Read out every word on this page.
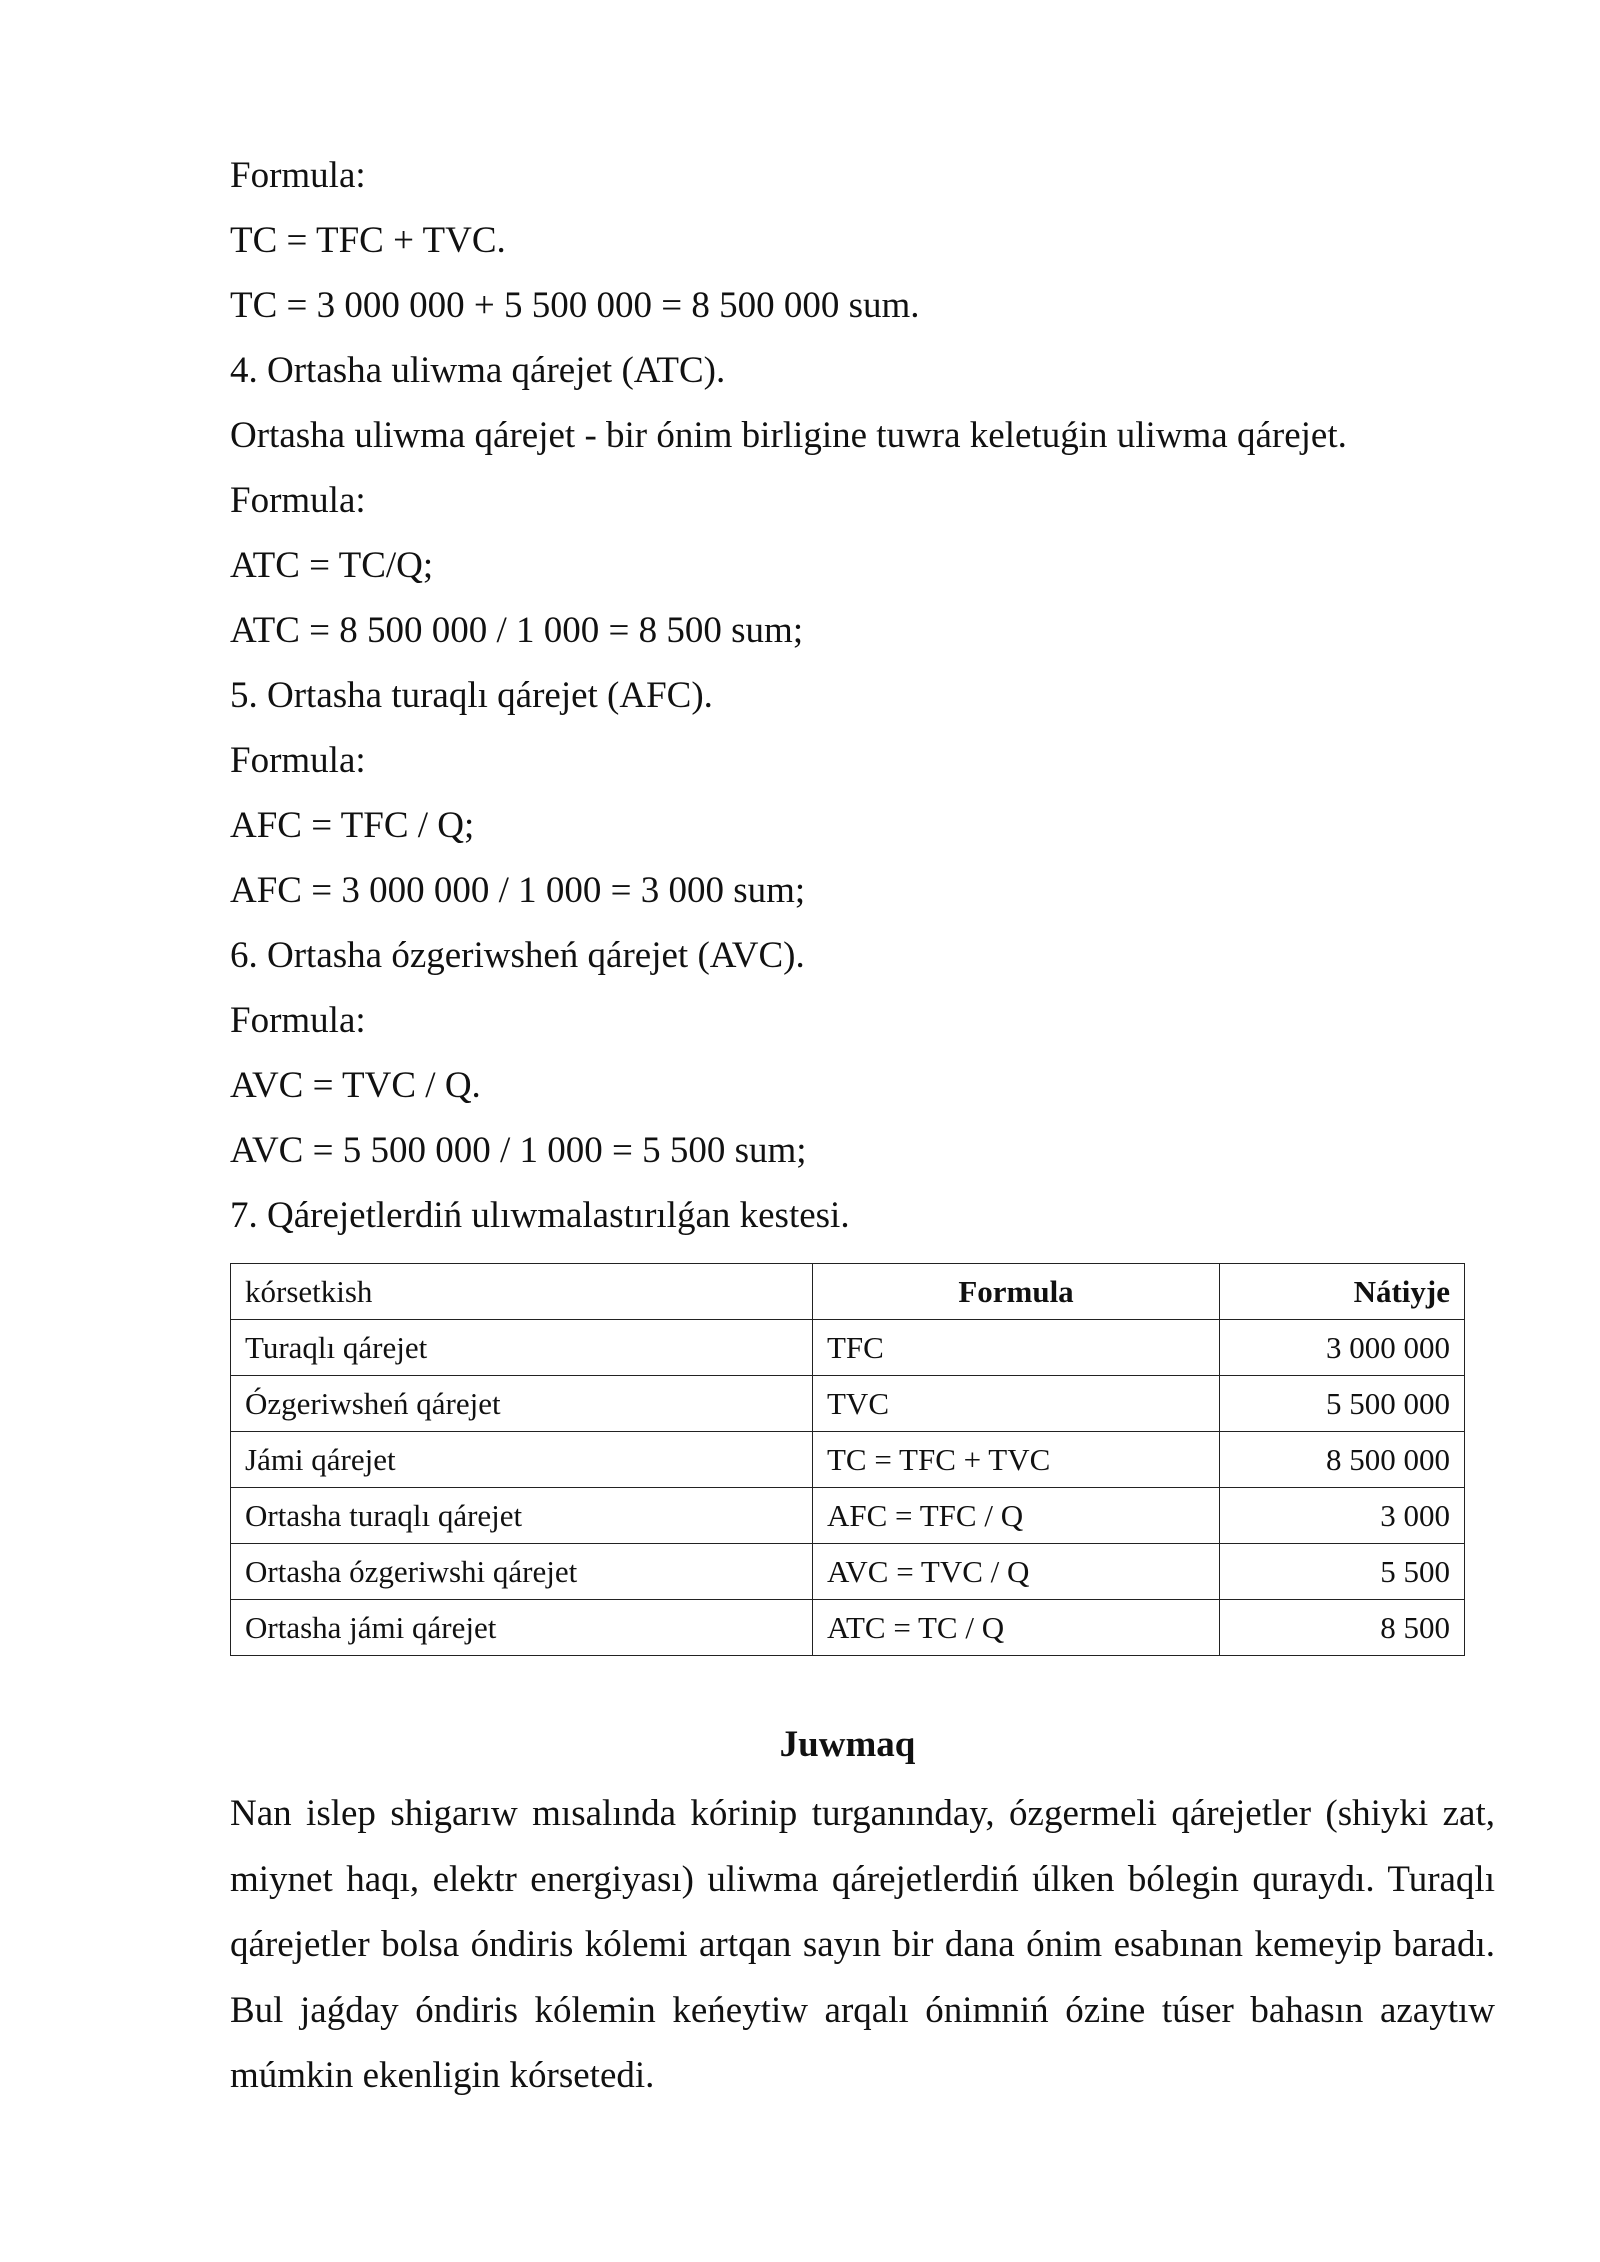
Formula:
TC = TFC + TVC.
TC = 3 000 000 + 5 500 000 = 8 500 000 sum.
4. Ortasha uliwma qárejet (ATC).
Ortasha uliwma qárejet - bir ónim birligine tuwra keletuǵin uliwma qárejet.
Formula:
ATC = TC/Q;
ATC = 8 500 000 / 1 000 = 8 500 sum;
5. Ortasha turaqlı qárejet (AFC).
Formula:
AFC = TFC / Q;
AFC = 3 000 000 / 1 000 = 3 000 sum;
6. Ortasha ózgeriwsheń qárejet (AVC).
Formula:
AVC = TVC / Q.
AVC = 5 500 000 / 1 000 = 5 500 sum;
7. Qárejetlerdiń ulıwmalastırılǵan kestesi.
kórsetkish	Formula	Nátiyje
Turaqlı qárejet	TFC	3 000 000
Ózgeriwsheń qárejet	TVC	5 500 000
Jámi qárejet	TC = TFC + TVC	8 500 000
Ortasha turaqlı qárejet	AFC = TFC / Q	3 000
Ortasha ózgeriwshi qárejet	AVC = TVC / Q	5 500
Ortasha jámi qárejet	ATC = TC / Q	8 500
Juwmaq
Nan islep shigarıw mısalında kórinip turganınday, ózgermeli qárejetler (shiyki zat, miynet haqı, elektr energiyası) uliwma qárejetlerdiń úlken bólegin quraydı. Turaqlı qárejetler bolsa óndiris kólemi artqan sayın bir dana ónim esabınan kemeyip baradı. Bul jaǵday óndiris kólemin keńeytiw arqalı ónimniń ózine túser bahasın azaytıw múmkin ekenligin kórsetedi.
